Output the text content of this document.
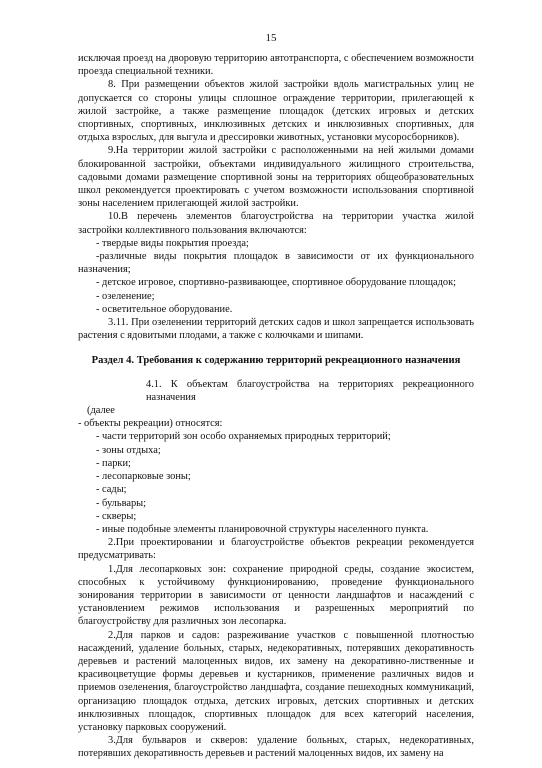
15

исключая проезд на дворовую территорию автотранспорта, с обеспечением возможности проезда специальной техники.

8. При размещении объектов жилой застройки вдоль магистральных улиц не допускается со стороны улицы сплошное ограждение территории, прилегающей к жилой застройке, а также размещение площадок (детских игровых и детских спортивных, спортивных, инклюзивных детских и инклюзивных спортивных, для отдыха взрослых, для выгула и дрессировки животных, установки мусоросборников).

9.На территории жилой застройки с расположенными на ней жилыми домами блокированной застройки, объектами индивидуального жилищного строительства, садовыми домами размещение спортивной зоны на территориях общеобразовательных школ рекомендуется проектировать с учетом возможности использования спортивной зоны населением прилегающей жилой застройки.

10.В перечень элементов благоустройства на территории участка жилой застройки коллективного пользования включаются:

- твердые виды покрытия проезда;

-различные виды покрытия площадок в зависимости от их функционального назначения;

- детское игровое, спортивно-развивающее, спортивное оборудование площадок;

- озеленение;

- осветительное оборудование.

3.11. При озеленении территорий детских садов и школ запрещается использовать растения с ядовитыми плодами, а также с колючками и шипами.

Раздел 4. Требования к содержанию территорий рекреационного назначения

4.1. К объектам благоустройства на территориях рекреационного назначения

(далее

- объекты рекреации) относятся:

- части территорий зон особо охраняемых природных территорий;

- зоны отдыха;

- парки;

- лесопарковые зоны;

- сады;

- бульвары;

- скверы;

- иные подобные элементы планировочной структуры населенного пункта.

2.При проектировании и благоустройстве объектов рекреации рекомендуется предусматривать:

1.Для лесопарковых зон: сохранение природной среды, создание экосистем, способных к устойчивому функционированию, проведение функционального зонирования территории в зависимости от ценности ландшафтов и насаждений с установлением режимов использования и разрешенных мероприятий по благоустройству для различных зон лесопарка.

2.Для парков и садов: разреживание участков с повышенной плотностью насаждений, удаление больных, старых, недекоративных, потерявших декоративность деревьев и растений малоценных видов, их замену на декоративно-лиственные и красивоцветущие формы деревьев и кустарников, применение различных видов и приемов озеленения, благоустройство ландшафта, создание пешеходных коммуникаций, организацию площадок отдыха, детских игровых, детских спортивных и детских инклюзивных площадок, спортивных площадок для всех категорий населения, установку парковых сооружений.

3.Для бульваров и скверов: удаление больных, старых, недекоративных, потерявших декоративность деревьев и растений малоценных видов, их замену на
